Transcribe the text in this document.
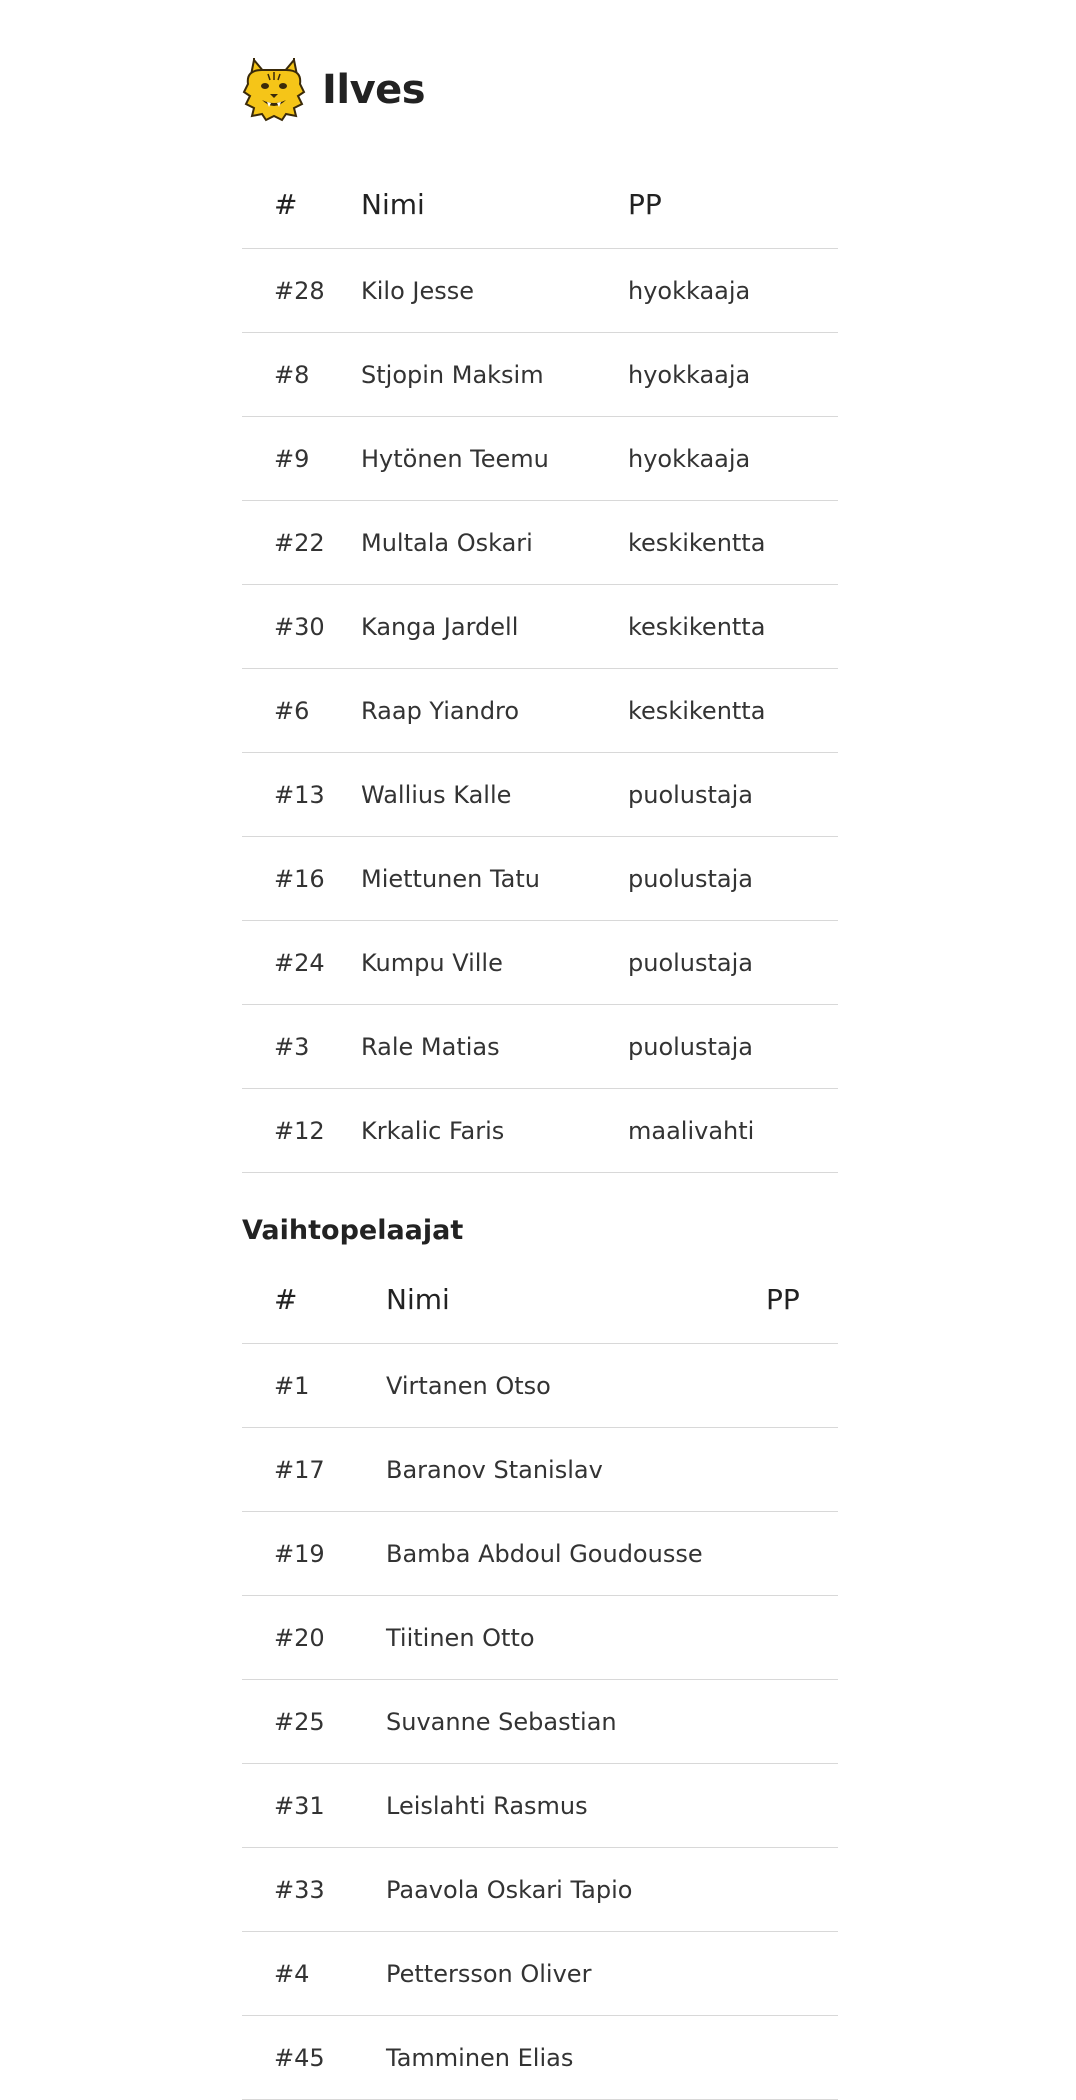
Ilves
#	Nimi	PP
#28	Kilo Jesse	hyokkaaja
#8	Stjopin Maksim	hyokkaaja
#9	Hytönen Teemu	hyokkaaja
#22	Multala Oskari	keskikentta
#30	Kanga Jardell	keskikentta
#6	Raap Yiandro	keskikentta
#13	Wallius Kalle	puolustaja
#16	Miettunen Tatu	puolustaja
#24	Kumpu Ville	puolustaja
#3	Rale Matias	puolustaja
#12	Krkalic Faris	maalivahti
Vaihtopelaajat
#	Nimi	PP
#1	Virtanen Otso	
#17	Baranov Stanislav	
#19	Bamba Abdoul Goudousse	
#20	Tiitinen Otto	
#25	Suvanne Sebastian	
#31	Leislahti Rasmus	
#33	Paavola Oskari Tapio	
#4	Pettersson Oliver	
#45	Tamminen Elias	
